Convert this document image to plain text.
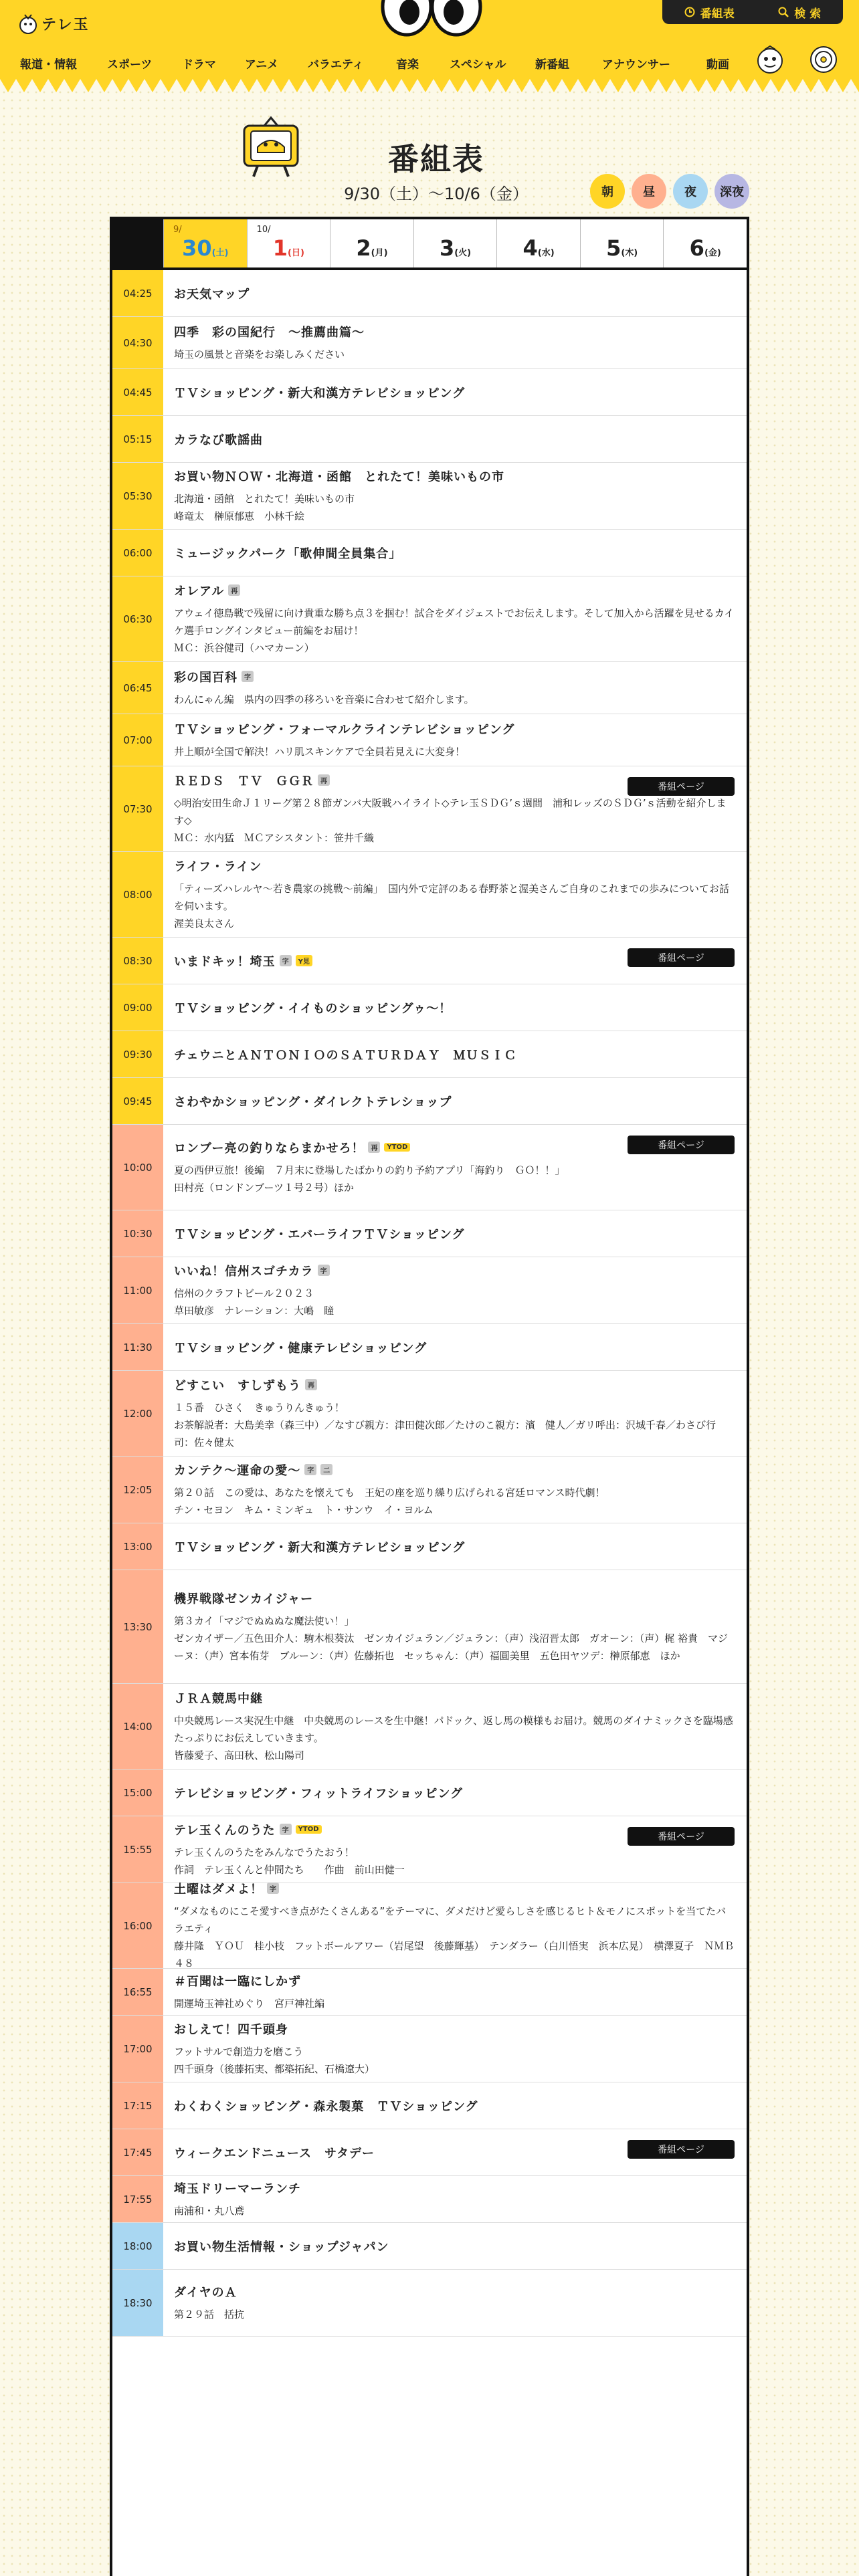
テレ玉
番組表	検 索
報道・情報	スポーツ	ドラマ	アニメ	バラエティ	音楽	スペシャル	新番組	アナウンサー	動画
番組表
9/30（土）〜10/6（金）	朝	昼	夜	深夜
9/
30(土)
10/
1(日)	2(月)	3(火)	4(水)	5(木)	6(金)
04:25	お天気マップ
04:30
四季　彩の国紀行　〜推薦曲篇〜
埼玉の風景と音楽をお楽しみください
04:45	ＴＶショッピング・新大和漢方テレビショッピング
05:15	カラなび歌謡曲
05:30
お買い物ＮＯＷ・北海道・函館　とれたて！美味いもの市
北海道・函館　とれたて！美味いもの市
峰竜太　榊原郁恵　小林千絵
06:00	ミュージックパーク「歌伸間全員集合」
06:30
オレアル	再
アウェイ徳島戦で残留に向け貴重な勝ち点３を掴む！試合をダイジェストでお伝えします。そして加入から活躍を見せるカイケ選手ロングインタビュー前編をお届け！
ＭＣ：浜谷健司（ハマカーン）
06:45
彩の国百科	字
わんにゃん編　県内の四季の移ろいを音楽に合わせて紹介します。
07:00
ＴＶショッピング・フォーマルクラインテレビショッピング
井上順が全国で解決！ハリ肌スキンケアで全員若見えに大変身！
07:30
ＲＥＤＳ　ＴＶ　ＧＧＲ	再
◇明治安田生命Ｊ１リーグ第２８節ガンバ大阪戦ハイライト◇テレ玉ＳＤＧ’ｓ週間　浦和レッズのＳＤＧ’ｓ活動を紹介します◇
ＭＣ：水内猛　ＭＣアシスタント：笹井千織
番組ページ
08:00
ライフ・ライン
「ティーズハレルヤ〜若き農家の挑戦〜前編」　国内外で定評のある春野茶と渥美さんご自身のこれまでの歩みについてお話を伺います。
渥美良太さん
08:30	いまドキッ！埼玉	字	Y見	番組ページ
09:00	ＴＶショッピング・イイものショッピングゥ〜！
09:30	チェウニとＡＮＴＯＮＩＯのＳＡＴＵＲＤＡＹ　ＭＵＳＩＣ
09:45	さわやかショッピング・ダイレクトテレショップ
10:00
ロンブー亮の釣りならまかせろ！	再	YTOD
夏の西伊豆旅！後編　７月末に登場したばかりの釣り予約アプリ「海釣り　ＧＯ！！」
田村亮（ロンドンブーツ１号２号）ほか
番組ページ
10:30	ＴＶショッピング・エバーライフＴＶショッピング
11:00
いいね！信州スゴチカラ	字
信州のクラフトビール２０２３
草田敏彦　ナレーション：大嶋　瞳
11:30	ＴＶショッピング・健康テレビショッピング
12:00
どすこい　すしずもう	再
１５番　ひさく　きゅうりんきゅう！
お茶解説者：大島美幸（森三中）／なすび親方：津田健次郎／たけのこ親方：濱　健人／ガリ呼出：沢城千春／わさび行司：佐々健太
12:05
カンテク〜運命の愛〜	字	二
第２０話　この愛は、あなたを懐えても　王妃の座を巡り繰り広げられる宮廷ロマンス時代劇！
チン・セヨン　キム・ミンギュ　ト・サンウ　イ・ヨルム
13:00	ＴＶショッピング・新大和漢方テレビショッピング
13:30
機界戦隊ゼンカイジャー
第３カイ「マジでぬぬぬな魔法使い！」
ゼンカイザー／五色田介人：駒木根葵汰　ゼンカイジュラン／ジュラン：（声）浅沼晋太郎　ガオーン：（声）梶 裕貴　マジーヌ：（声）宮本侑芽　ブルーン：（声）佐藤拓也　セッちゃん：（声）福圓美里　五色田ヤツデ：榊原郁恵　ほか
14:00
ＪＲＡ競馬中継
中央競馬レース実況生中継　中央競馬のレースを生中継！パドック、返し馬の模様もお届け。競馬のダイナミックさを臨場感たっぷりにお伝えしていきます。
皆藤愛子、高田秋、松山陽司
15:00	テレビショッピング・フィットライフショッピング
15:55
テレ玉くんのうた	字	YTOD
テレ玉くんのうたをみんなでうたおう！
作詞　テレ玉くんと仲間たち　　作曲　前山田健一
番組ページ
16:00
土曜はダメよ！	字
“ダメなものにこそ愛すべき点がたくさんある”をテーマに、ダメだけど愛らしさを感じるヒト＆モノにスポットを当てたバラエティ
藤井隆　ＹＯＵ　桂小枝　フットボールアワー（岩尾望　後藤輝基）　テンダラー（白川悟実　浜本広晃）　横澤夏子　ＮＭＢ４８
16:55
＃百聞は一臨にしかず
開運埼玉神社めぐり　宮戸神社編
17:00
おしえて！四千頭身
フットサルで創造力を磨こう
四千頭身（後藤拓実、都築拓紀、石橋遼大）
17:15	わくわくショッピング・森永製菓　ＴＶショッピング
17:45	ウィークエンドニュース　サタデー	番組ページ
17:55
埼玉ドリーマーランチ
南浦和・丸八鳶
18:00	お買い物生活情報・ショップジャパン
18:30
ダイヤのＡ
第２９話　括抗
